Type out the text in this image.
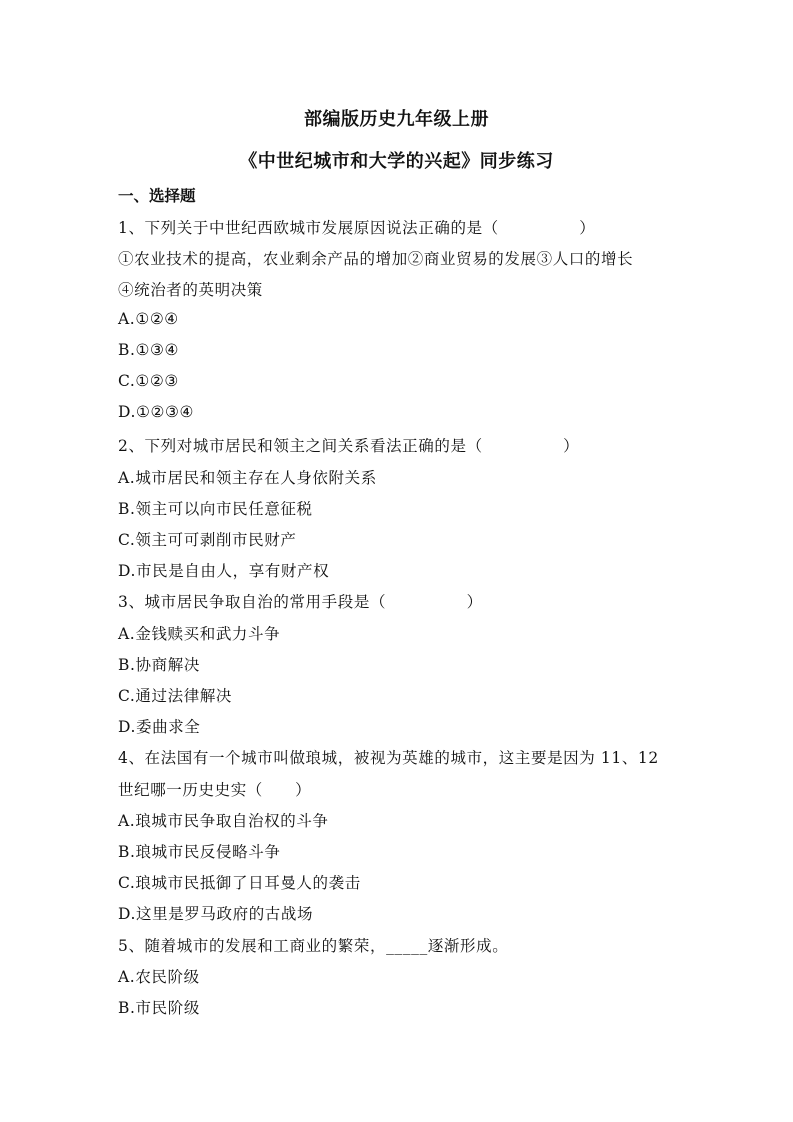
部编版历史九年级上册
《中世纪城市和大学的兴起》同步练习
一、选择题
1、下列关于中世纪西欧城市发展原因说法正确的是（　　　　　）
①农业技术的提高，农业剩余产品的增加②商业贸易的发展③人口的增长
④统治者的英明决策
A.①②④
B.①③④
C.①②③
D.①②③④
2、下列对城市居民和领主之间关系看法正确的是（　　　　　）
A.城市居民和领主存在人身依附关系
B.领主可以向市民任意征税
C.领主可可剥削市民财产
D.市民是自由人，享有财产权
3、城市居民争取自治的常用手段是（　　　　　）
A.金钱赎买和武力斗争
B.协商解决
C.通过法律解决
D.委曲求全
4、在法国有一个城市叫做琅城，被视为英雄的城市，这主要是因为 11、12
世纪哪一历史史实（　　）
A.琅城市民争取自治权的斗争
B.琅城市民反侵略斗争
C.琅城市民抵御了日耳曼人的袭击
D.这里是罗马政府的古战场
5、随着城市的发展和工商业的繁荣，_____逐渐形成。
A.农民阶级
B.市民阶级
